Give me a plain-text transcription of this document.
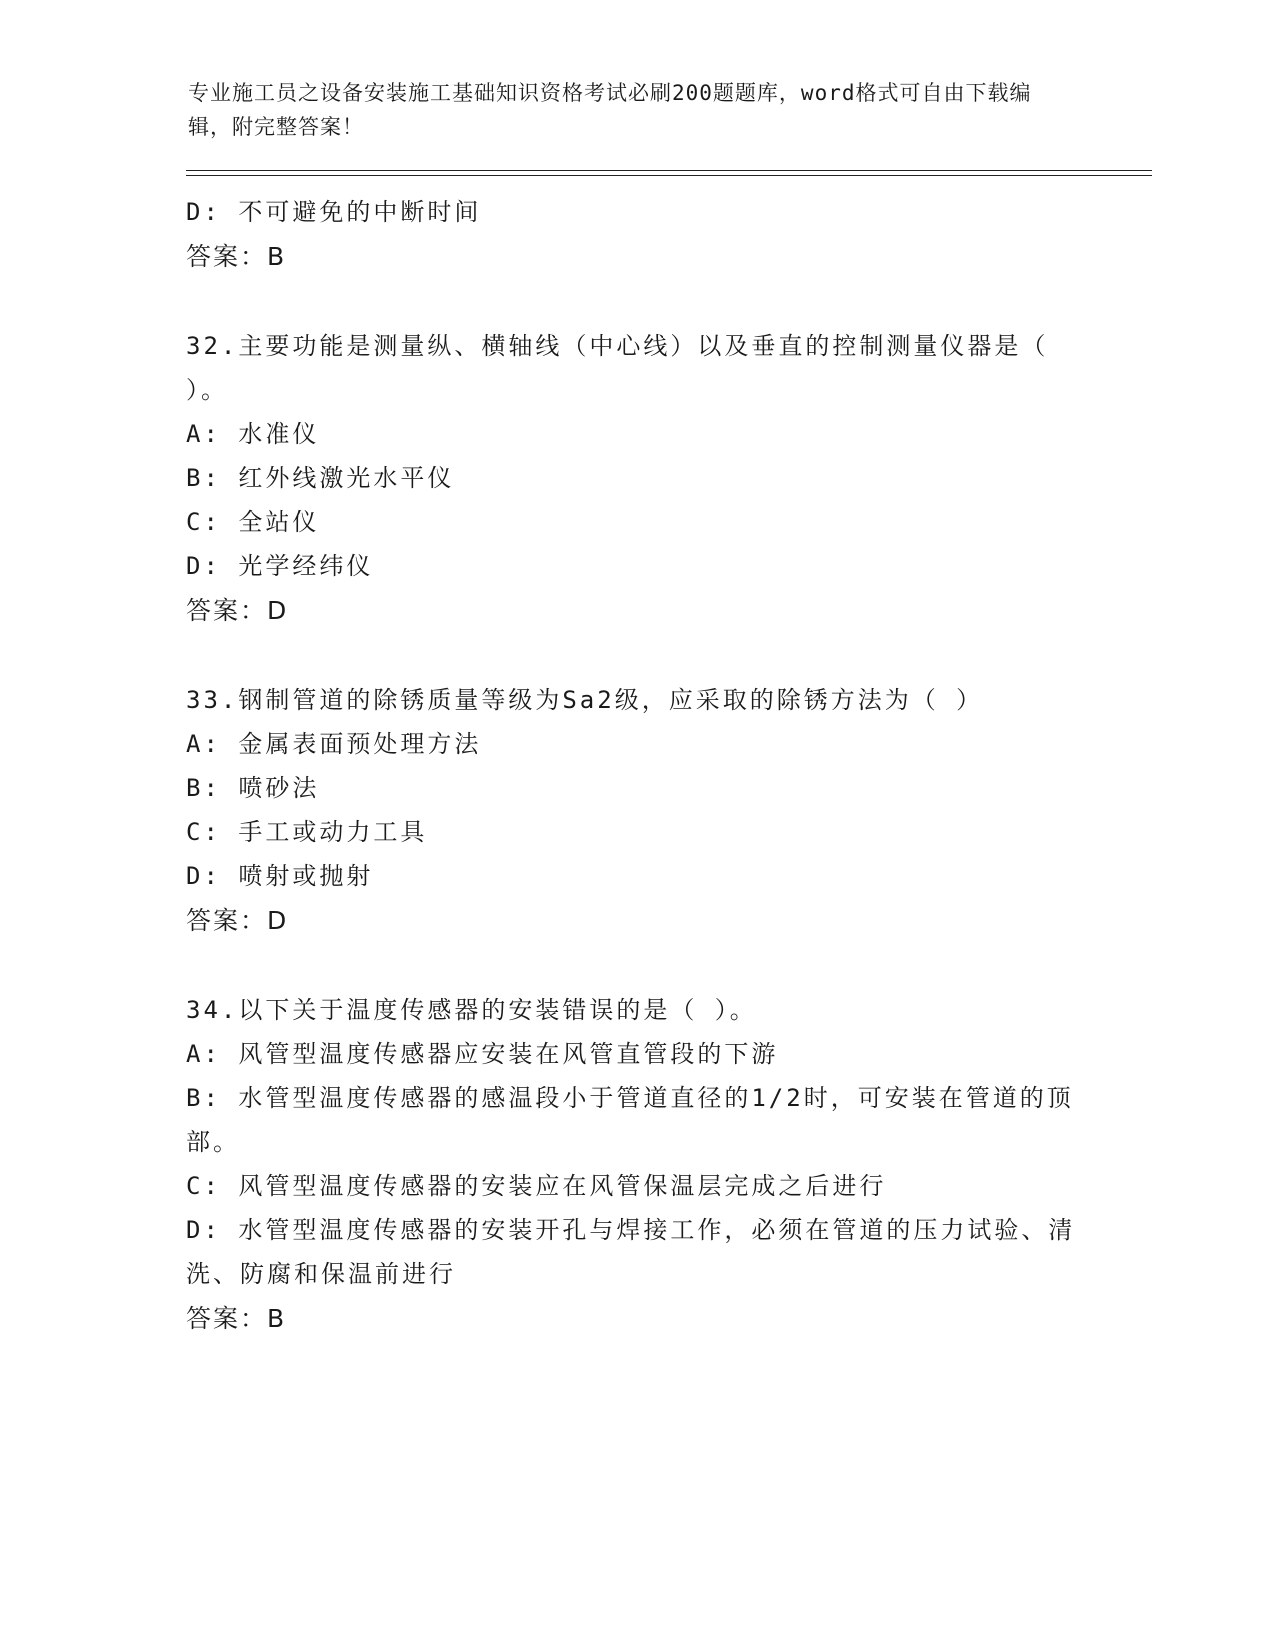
专业施工员之设备安装施工基础知识资格考试必刷200题题库，word格式可自由下载编辑，附完整答案！
D: 不可避免的中断时间
答案：B
32.主要功能是测量纵、横轴线（中心线）以及垂直的控制测量仪器是（ ）。
A: 水准仪
B: 红外线激光水平仪
C: 全站仪
D: 光学经纬仪
答案：D
33.钢制管道的除锈质量等级为Sa2级，应采取的除锈方法为（ ）
A: 金属表面预处理方法
B: 喷砂法
C: 手工或动力工具
D: 喷射或抛射
答案：D
34.以下关于温度传感器的安装错误的是（ ）。
A: 风管型温度传感器应安装在风管直管段的下游
B: 水管型温度传感器的感温段小于管道直径的1/2时，可安装在管道的顶部。
C: 风管型温度传感器的安装应在风管保温层完成之后进行
D: 水管型温度传感器的安装开孔与焊接工作，必须在管道的压力试验、清洗、防腐和保温前进行
答案：B
